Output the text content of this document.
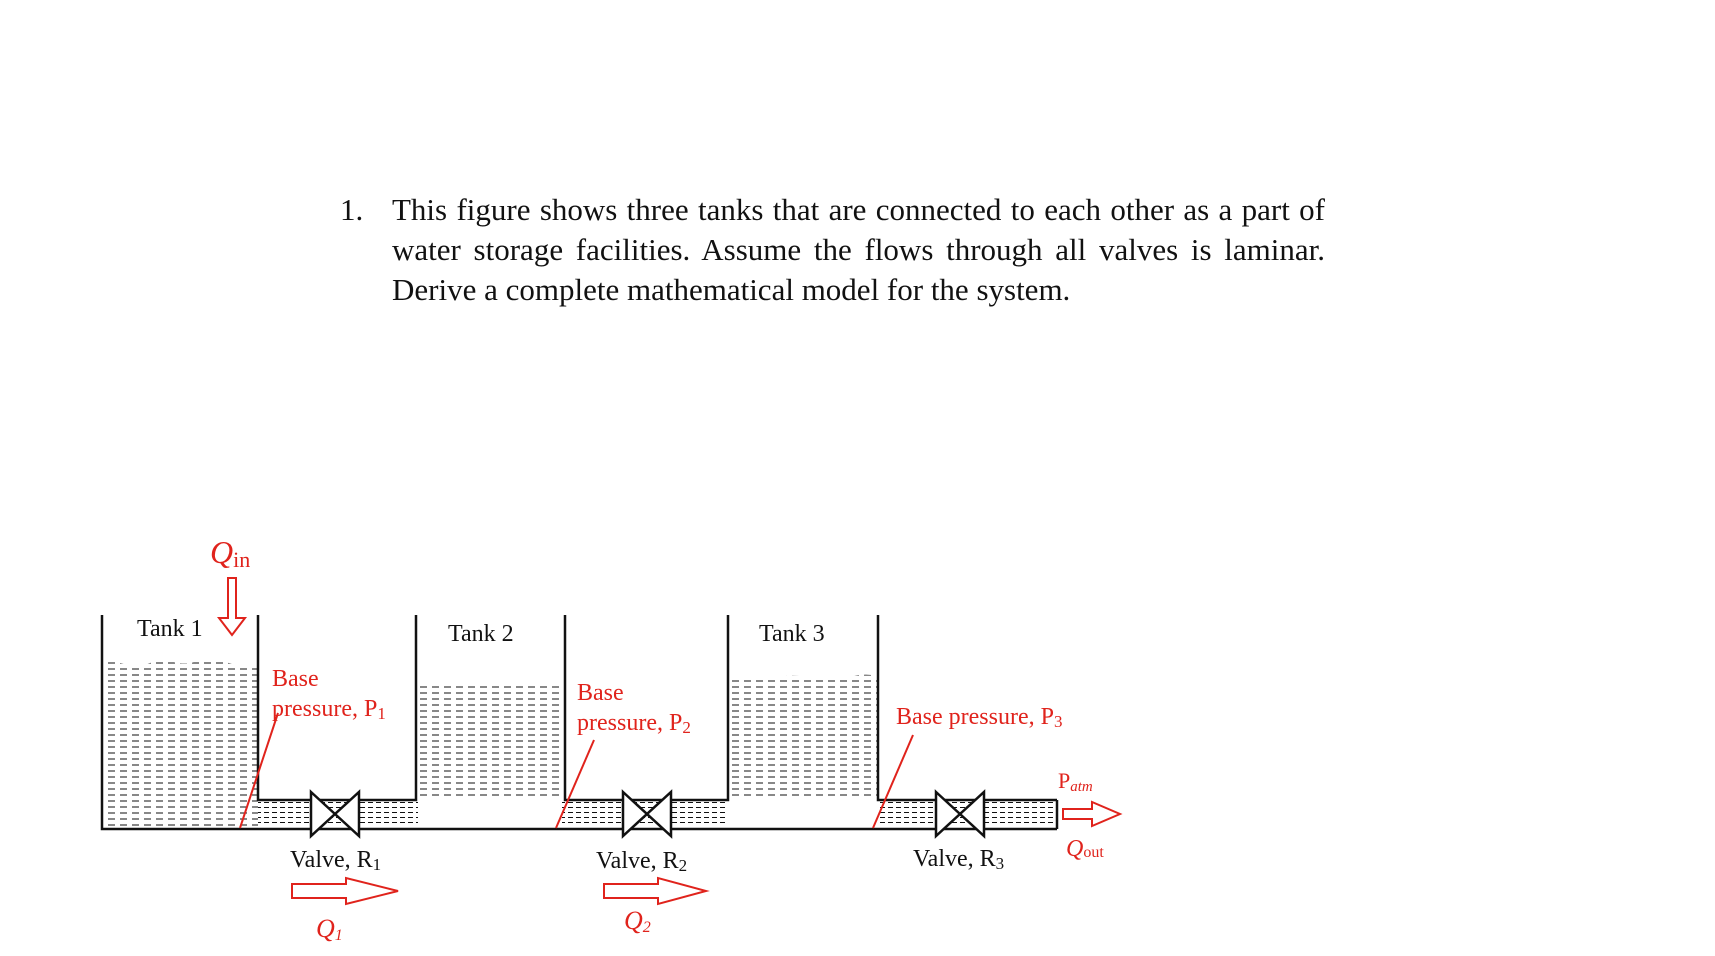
1. This figure shows three tanks that are connected to each other as a part of water storage facilities. Assume the flows through all valves is laminar. Derive a complete mathematical model for the system.
Qin
Tank 1	Tank 2	Tank 3
Base
pressure, P1
Base
pressure, P2	Base pressure, P3
Valve, R1	Valve, R2	Valve, R3
Q1
Q2
Patm
Qout
